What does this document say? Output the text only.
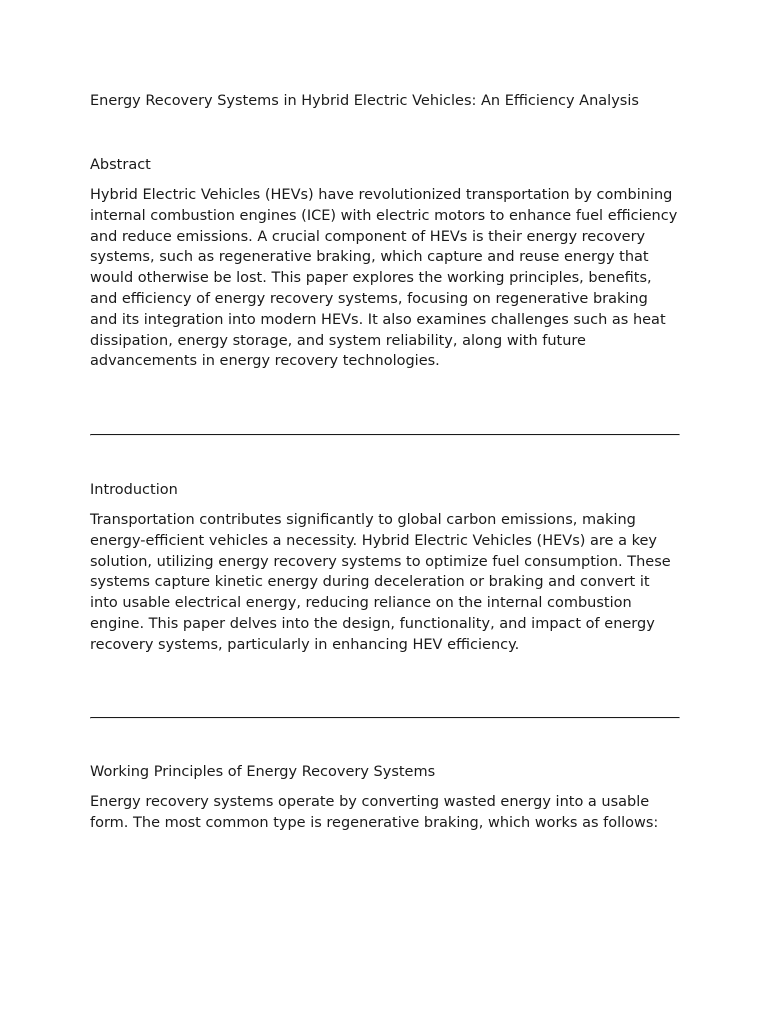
Energy Recovery Systems in Hybrid Electric Vehicles: An Efficiency Analysis
Abstract

Hybrid Electric Vehicles (HEVs) have revolutionized transportation by combining internal combustion engines (ICE) with electric motors to enhance fuel efficiency and reduce emissions. A crucial component of HEVs is their energy recovery systems, such as regenerative braking, which capture and reuse energy that would otherwise be lost. This paper explores the working principles, benefits, and efficiency of energy recovery systems, focusing on regenerative braking and its integration into modern HEVs. It also examines challenges such as heat dissipation, energy storage, and system reliability, along with future advancements in energy recovery technologies.

Introduction

Transportation contributes significantly to global carbon emissions, making energy-efficient vehicles a necessity. Hybrid Electric Vehicles (HEVs) are a key solution, utilizing energy recovery systems to optimize fuel consumption. These systems capture kinetic energy during deceleration or braking and convert it into usable electrical energy, reducing reliance on the internal combustion engine. This paper delves into the design, functionality, and impact of energy recovery systems, particularly in enhancing HEV efficiency.

Working Principles of Energy Recovery Systems

Energy recovery systems operate by converting wasted energy into a usable form. The most common type is regenerative braking, which works as follows:
